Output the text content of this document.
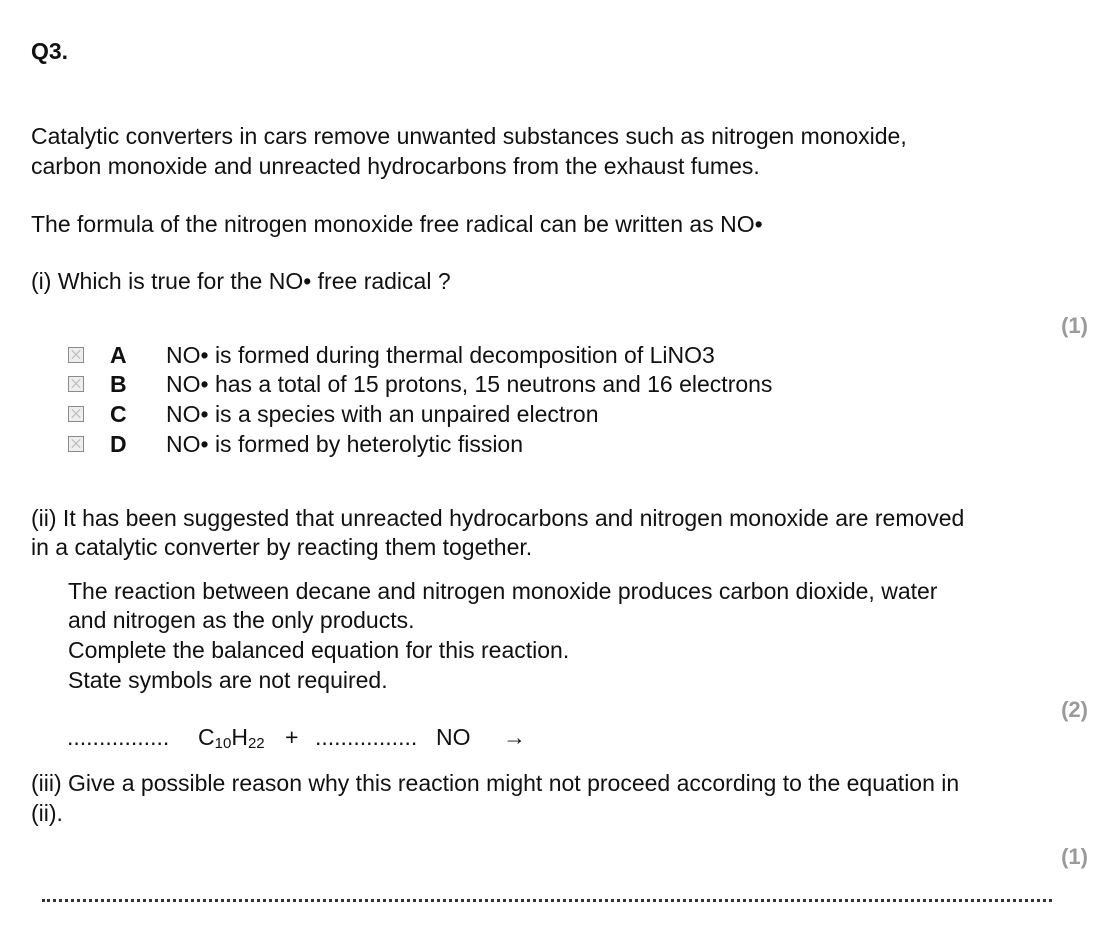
Q3.
Catalytic converters in cars remove unwanted substances such as nitrogen monoxide,
carbon monoxide and unreacted hydrocarbons from the exhaust fumes.
The formula of the nitrogen monoxide free radical can be written as NO•
(i) Which is true for the NO• free radical ?
(1)
A	NO• is formed during thermal decomposition of LiNO3
B	NO• has a total of 15 protons, 15 neutrons and 16 electrons
C	NO• is a species with an unpaired electron
D	NO• is formed by heterolytic fission
(ii) It has been suggested that unreacted hydrocarbons and nitrogen monoxide are removed
in a catalytic converter by reacting them together.
The reaction between decane and nitrogen monoxide produces carbon dioxide, water
and nitrogen as the only products.
Complete the balanced equation for this reaction.
State symbols are not required.
(2)
................ $C_{10}H_{22}$ + ................ NO →
(iii) Give a possible reason why this reaction might not proceed according to the equation in
(ii).
(1)
